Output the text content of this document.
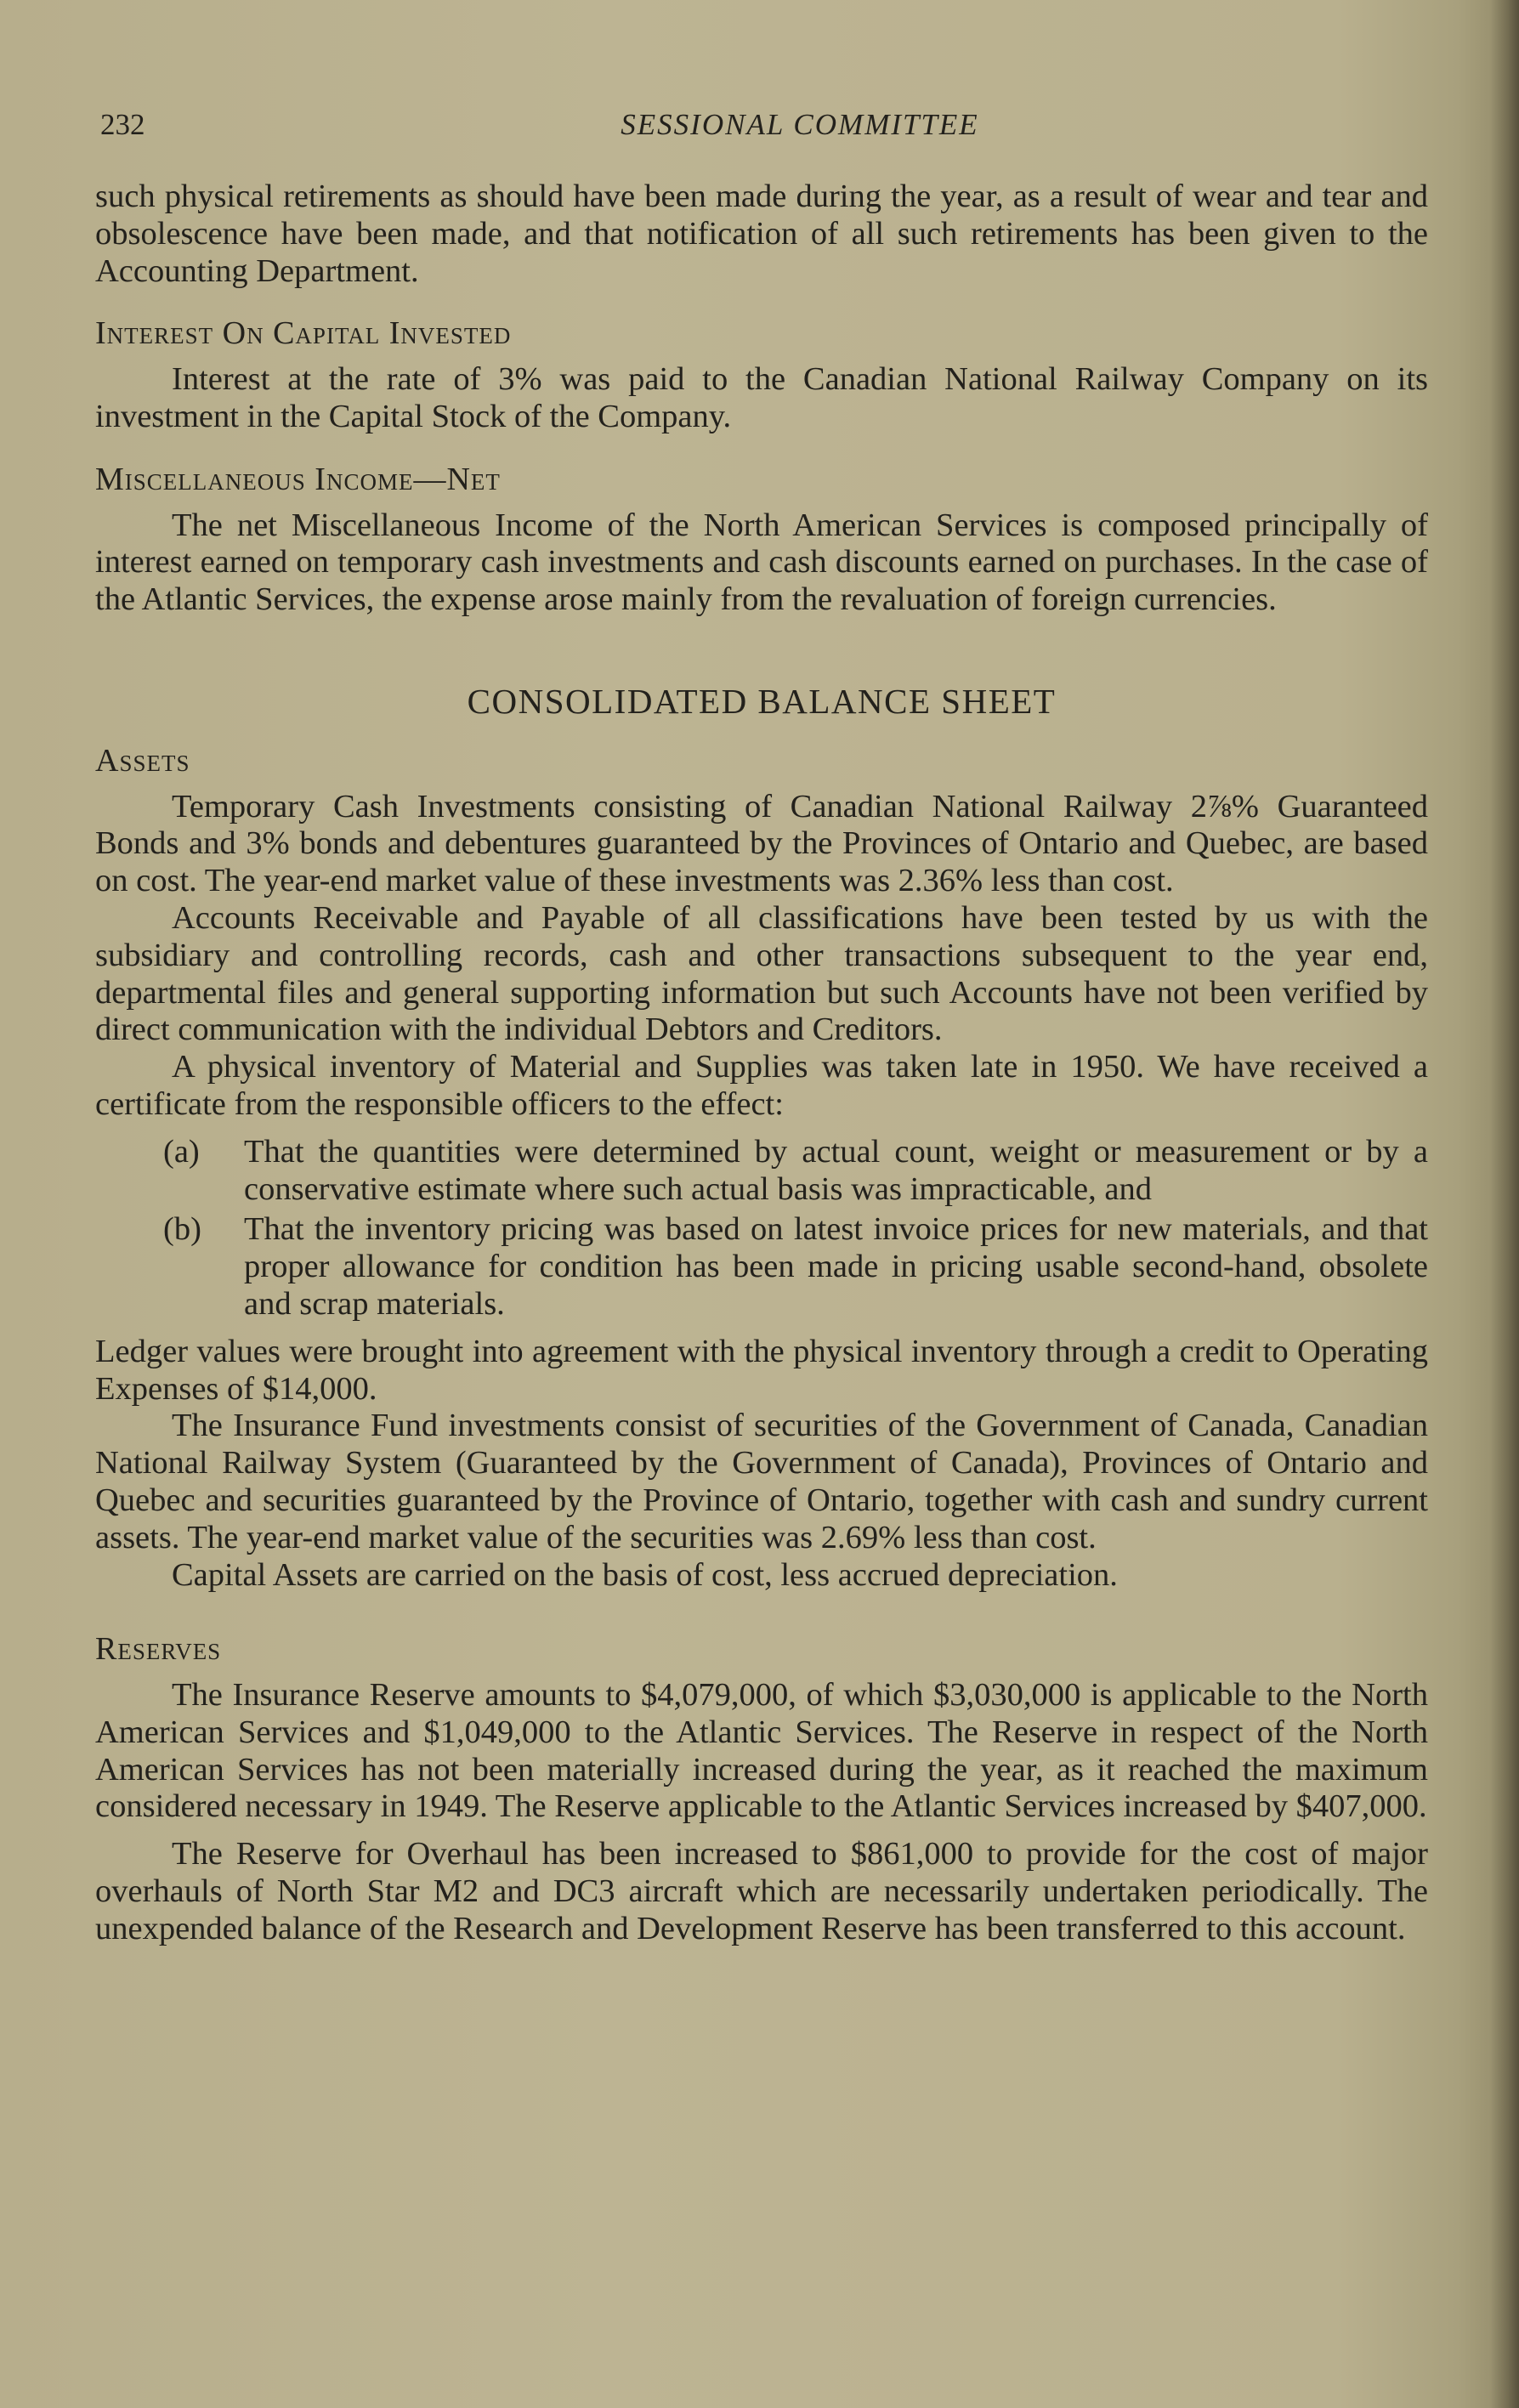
232	SESSIONAL COMMITTEE

such physical retirements as should have been made during the year, as a result of wear and tear and obsolescence have been made, and that notification of all such retirements has been given to the Accounting Department.

Interest On Capital Invested

Interest at the rate of 3% was paid to the Canadian National Railway Company on its investment in the Capital Stock of the Company.

Miscellaneous Income—Net

The net Miscellaneous Income of the North American Services is composed principally of interest earned on temporary cash investments and cash discounts earned on purchases. In the case of the Atlantic Services, the expense arose mainly from the revaluation of foreign currencies.

CONSOLIDATED BALANCE SHEET
Assets

Temporary Cash Investments consisting of Canadian National Railway 2⅞% Guaranteed Bonds and 3% bonds and debentures guaranteed by the Provinces of Ontario and Quebec, are based on cost. The year-end market value of these investments was 2.36% less than cost.

Accounts Receivable and Payable of all classifications have been tested by us with the subsidiary and controlling records, cash and other transactions subsequent to the year end, departmental files and general supporting information but such Accounts have not been verified by direct communication with the individual Debtors and Creditors.

A physical inventory of Material and Supplies was taken late in 1950. We have received a certificate from the responsible officers to the effect:

(a) That the quantities were determined by actual count, weight or measurement or by a conservative estimate where such actual basis was impracticable, and
(b) That the inventory pricing was based on latest invoice prices for new materials, and that proper allowance for condition has been made in pricing usable second-hand, obsolete and scrap materials.

Ledger values were brought into agreement with the physical inventory through a credit to Operating Expenses of $14,000.

The Insurance Fund investments consist of securities of the Government of Canada, Canadian National Railway System (Guaranteed by the Government of Canada), Provinces of Ontario and Quebec and securities guaranteed by the Province of Ontario, together with cash and sundry current assets. The year-end market value of the securities was 2.69% less than cost.

Capital Assets are carried on the basis of cost, less accrued depreciation.

Reserves

The Insurance Reserve amounts to $4,079,000, of which $3,030,000 is applicable to the North American Services and $1,049,000 to the Atlantic Services. The Reserve in respect of the North American Services has not been materially increased during the year, as it reached the maximum considered necessary in 1949. The Reserve applicable to the Atlantic Services increased by $407,000.

The Reserve for Overhaul has been increased to $861,000 to provide for the cost of major overhauls of North Star M2 and DC3 aircraft which are necessarily undertaken periodically. The unexpended balance of the Research and Development Reserve has been transferred to this account.
